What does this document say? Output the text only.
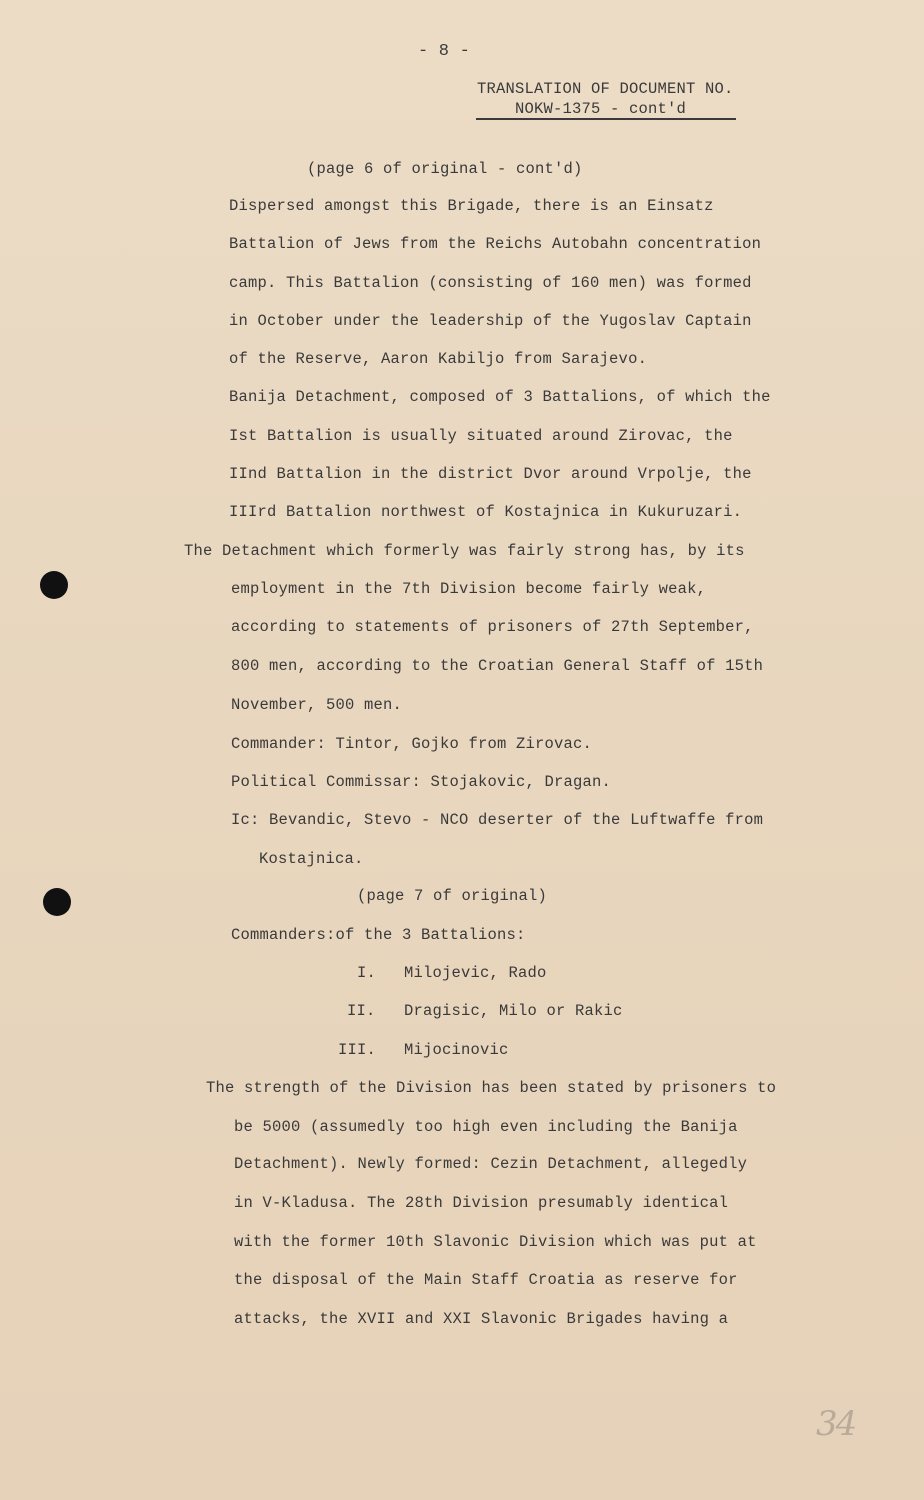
- 8 -
TRANSLATION OF DOCUMENT NO.
NOKW-1375 - cont'd
(page 6 of original - cont'd)
Dispersed amongst this Brigade, there is an Einsatz
Battalion of Jews from the Reichs Autobahn concentration
camp. This Battalion (consisting of 160 men) was formed
in October under the leadership of the Yugoslav Captain
of the Reserve, Aaron Kabiljo from Sarajevo.
Banija Detachment, composed of 3 Battalions, of which the
Ist Battalion is usually situated around Zirovac, the
IInd Battalion in the district Dvor around Vrpolje, the
IIIrd Battalion northwest of Kostajnica in Kukuruzari.
The Detachment which formerly was fairly strong has, by its
employment in the 7th Division become fairly weak,
according to statements of prisoners of 27th September,
800 men, according to the Croatian General Staff of 15th
November, 500 men.
Commander: Tintor, Gojko from Zirovac.
Political Commissar: Stojakovic, Dragan.
Ic: Bevandic, Stevo - NCO deserter of the Luftwaffe from
Kostajnica.
(page 7 of original)
Commanders:of the 3 Battalions:
I. Milojevic, Rado
II. Dragisic, Milo or Rakic
III. Mijocinovic
The strength of the Division has been stated by prisoners to
be 5000 (assumedly too high even including the Banija
Detachment). Newly formed: Cezin Detachment, allegedly
in V-Kladusa. The 28th Division presumably identical
with the former 10th Slavonic Division which was put at
the disposal of the Main Staff Croatia as reserve for
attacks, the XVII and XXI Slavonic Brigades having a
34
